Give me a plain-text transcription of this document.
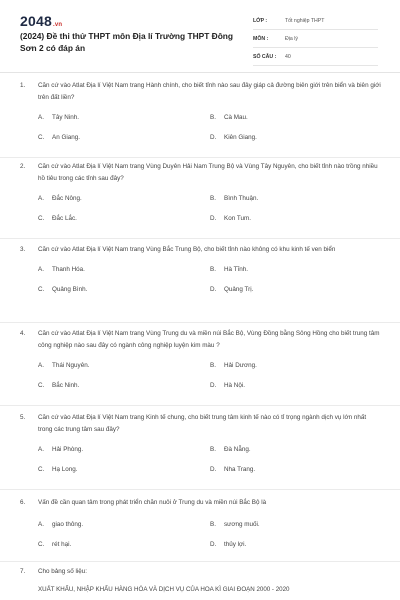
2048.vn
(2024) Đề thi thử THPT môn Địa lí Trường THPT Đông Sơn 2 có đáp án
LỚP :	Tốt nghiệp THPT
MÔN :	Địa lý
SỐ CÂU :	40
1.	Căn cứ vào Atlat Địa lí Việt Nam trang Hành chính, cho biết tỉnh nào sau đây giáp cả đường biên giới trên biển và biên giới trên đất liền?
A.	Tây Ninh.	B.	Cà Mau.
C.	An Giang.	D.	Kiên Giang.
2.	Căn cứ vào Atlat Địa lí Việt Nam trang Vùng Duyên Hải Nam Trung Bộ và Vùng Tây Nguyên, cho biết tỉnh nào trồng nhiều hồ tiêu trong các tỉnh sau đây?
A.	Đắc Nông.	B.	Bình Thuận.
C.	Đắc Lắc.	D.	Kon Tum.
3.	Căn cứ vào Atlat Địa lí Việt Nam trang Vùng Bắc Trung Bộ, cho biết tỉnh nào không có khu kinh tế ven biển
A.	Thanh Hóa.	B.	Hà Tĩnh.
C.	Quảng Bình.	D.	Quảng Trị.
4.	Căn cứ vào Atlat Địa lí Việt Nam trang Vùng Trung du và miền núi Bắc Bộ, Vùng Đồng bằng Sông Hồng cho biết trung tâm công nghiệp nào sau đây có ngành công nghiệp luyện kim màu ?
A.	Thái Nguyên.	B.	Hải Dương.
C.	Bắc Ninh.	D.	Hà Nội.
5.	Căn cứ vào Atlat Địa lí Việt Nam trang Kinh tế chung, cho biết trung tâm kinh tế nào có tỉ trọng ngành dịch vụ lớn nhất trong các trung tâm sau đây?
A.	Hải Phòng.	B.	Đà Nẵng.
C.	Hạ Long.	D.	Nha Trang.
6.	Vấn đề cần quan tâm trong phát triển chăn nuôi ở Trung du và miền núi Bắc Bộ là
A.	giao thông.	B.	sương muối.
C.	rét hại.	D.	thủy lợi.
7.	Cho bảng số liệu:
XUẤT KHẨU, NHẬP KHẨU HÀNG HÓA VÀ DỊCH VỤ CỦA HOA KÌ GIAI ĐOẠN 2000 - 2020
